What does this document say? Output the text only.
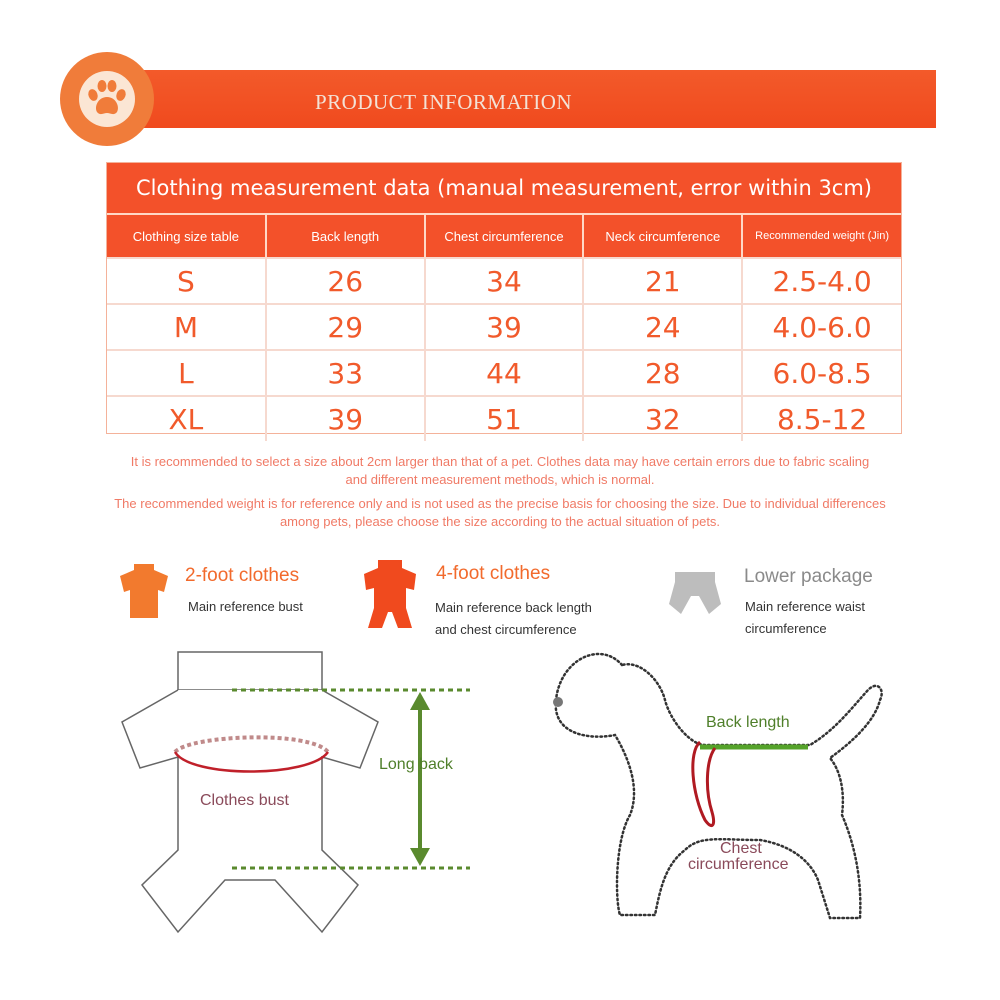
PRODUCT INFORMATION
Clothing measurement data (manual measurement, error within 3cm)
Clothing size table	Back length	Chest circumference	Neck circumference	Recommended weight (Jin)
S	26	34	21	2.5-4.0
M	29	39	24	4.0-6.0
L	33	44	28	6.0-8.5
XL	39	51	32	8.5-12
It is recommended to select a size about 2cm larger than that of a pet. Clothes data may have certain errors due to fabric scaling
and different measurement methods, which is normal.
The recommended weight is for reference only and is not used as the precise basis for choosing the size. Due to individual differences
among pets, please choose the size according to the actual situation of pets.
2-foot clothes
Main reference bust
4-foot clothes
Main reference back length
and chest circumference
Lower package
Main reference waist
circumference
Clothes bust
Long back
Back length
Chest
circumference
